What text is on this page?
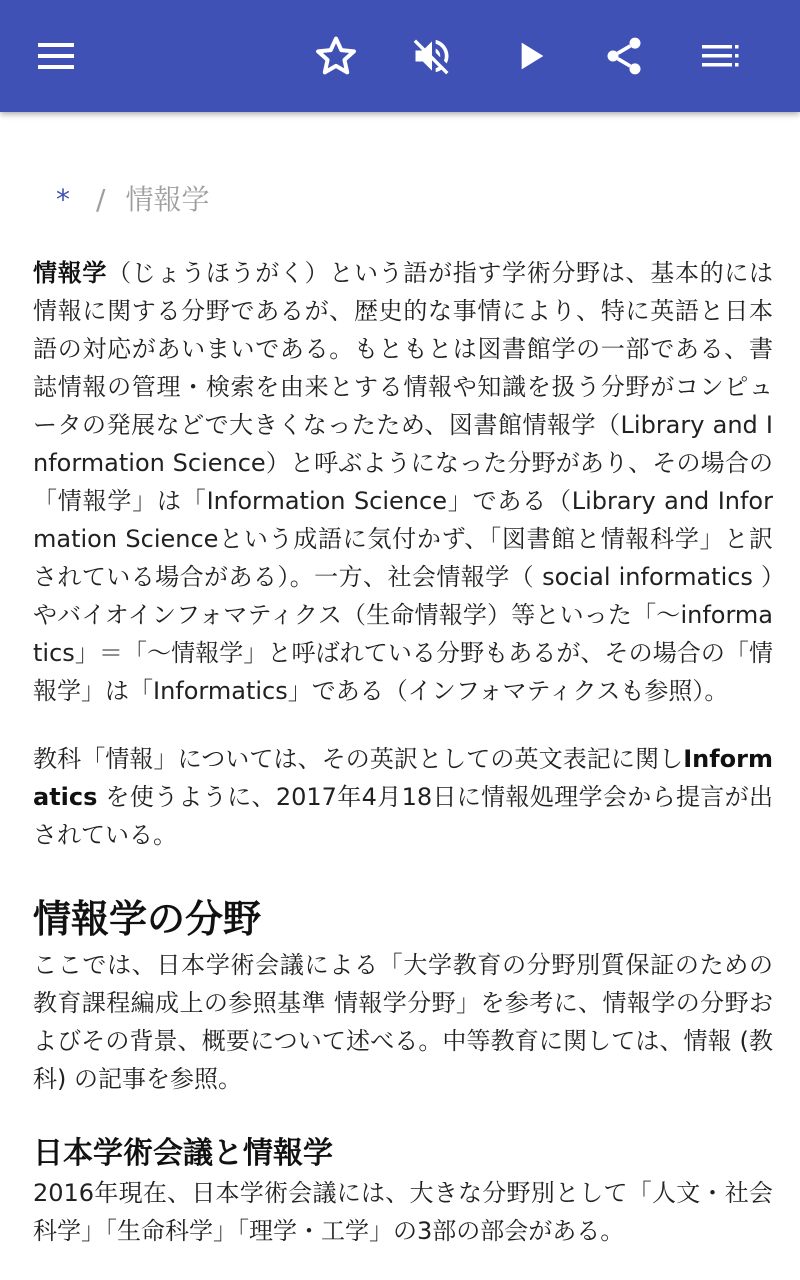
* / 情報学

情報学（じょうほうがく）という語が指す学術分野は、基本的には情報に関する分野であるが、歴史的な事情により、特に英語と日本語の対応があいまいである。もともとは図書館学の一部である、書誌情報の管理・検索を由来とする情報や知識を扱う分野がコンピュータの発展などで大きくなったため、図書館情報学（Library and Information Science）と呼ぶようになった分野があり、その場合の「情報学」は「Information Science」である（Library and Information Scienceという成語に気付かず、「図書館と情報科学」と訳されている場合がある）。一方、社会情報学（ social informatics ）やバイオインフォマティクス（生命情報学）等といった「〜informatics」＝「〜情報学」と呼ばれている分野もあるが、その場合の「情報学」は「Informatics」である（インフォマティクスも参照）。

教科「情報」については、その英訳としての英文表記に関しInformatics を使うように、2017年4月18日に情報処理学会から提言が出されている。

情報学の分野

ここでは、日本学術会議による「大学教育の分野別質保証のための教育課程編成上の参照基準 情報学分野」を参考に、情報学の分野およびその背景、概要について述べる。中等教育に関しては、情報 (教科) の記事を参照。

日本学術会議と情報学

2016年現在、日本学術会議には、大きな分野別として「人文・社会科学」「生命科学」「理学・工学」の3部の部会がある。
